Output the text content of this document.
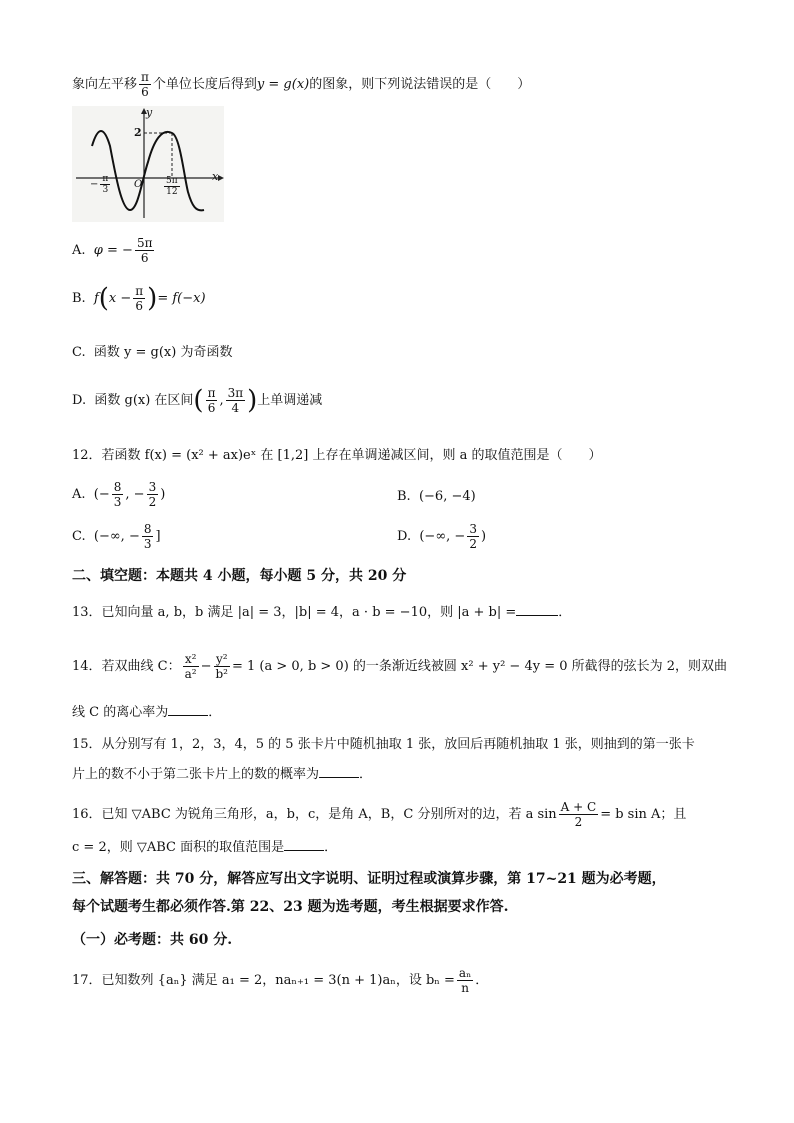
象向左平移 $\frac{\pi}{6}$ 个单位长度后得到y = g(x)的图象，则下列说法错误的是（　　）
y
x
2
O
− $\frac{\pi}{3}$	$\frac{5\pi}{12}$
A. φ = − $\frac{5\pi}{6}$
B. $f(x - \frac{\pi}{6}$ )= f(−x)
C. 函数 y = g(x) 为奇函数
D. 函数 g(x) 在区间( $\frac{\pi}{6}$ , $\frac{3\pi}{4}$ )上单调递减
12．若函数 f(x) = (x² + ax)eˣ 在 [1,2] 上存在单调递减区间，则 a 的取值范围是（　　）
A. (− $\frac{8}{3}$ , − $\frac{3}{2}$ )	B. (−6, −4)
C. (−∞, − $\frac{8}{3}$ ]	D. (−∞, − $\frac{3}{2}$ )
二、填空题：本题共 4 小题，每小题 5 分，共 20 分
13．已知向量 a, b，b 满足 |a| = 3，|b| = 4，a · b = −10，则 |a + b| =	．
14．若双曲线 C： $\frac{\text{x²}}{\text{a²}} - \frac{\text{y²}}{\text{b²}} = 1$ (a > 0, b > 0) 的一条渐近线被圆 x² + y² − 4y = 0 所截得的弦长为 2，则双曲
线 C 的离心率为	．
15．从分别写有 1，2，3，4，5 的 5 张卡片中随机抽取 1 张，放回后再随机抽取 1 张，则抽到的第一张卡
片上的数不小于第二张卡片上的数的概率为	．
16．已知 ▽ABC 为锐角三角形，a，b，c，是角 A，B，C 分别所对的边，若 a $\sin \frac{A + C}{2} = b$ sin A；且
c = 2，则 ▽ABC 面积的取值范围是	．
三、解答题：共 70 分，解答应写出文字说明、证明过程或演算步骤，第 17~21 题为必考题，
每个试题考生都必须作答.第 22、23 题为选考题，考生根据要求作答.
（一）必考题：共 60 分.
17．已知数列 {aₙ} 满足 a₁ = 2，naₙ₊₁ = 3(n + 1)aₙ，设 $b_n = \frac{\text{aₙ}}{n}$ ．
